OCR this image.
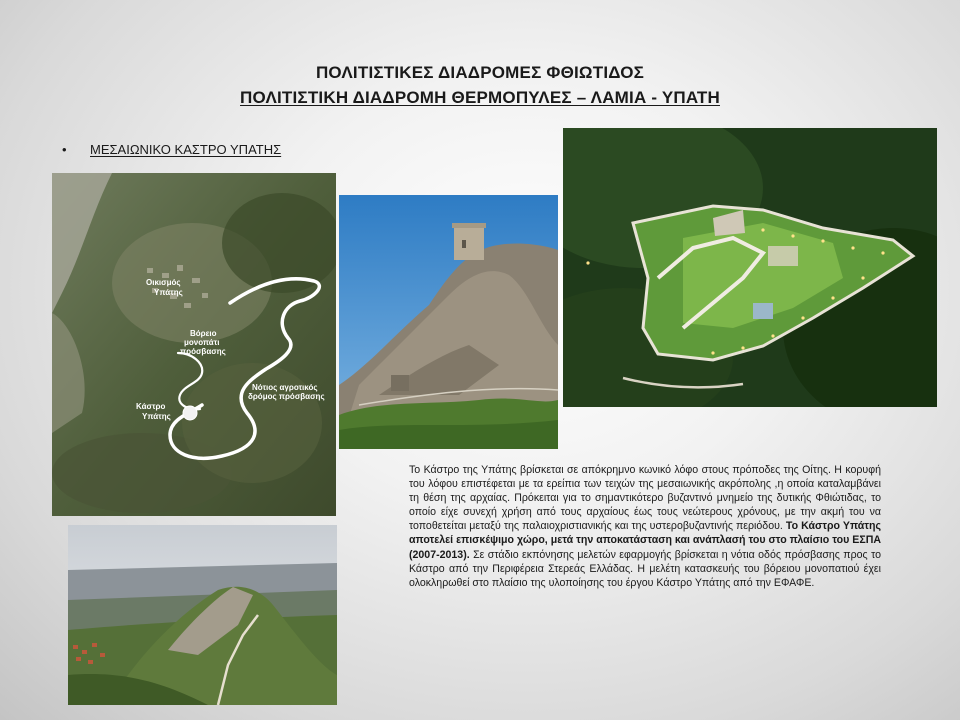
ΠΟΛΙΤΙΣΤΙΚΕΣ ΔΙΑΔΡΟΜΕΣ ΦΘΙΩΤΙΔΟΣ
ΠΟΛΙΤΙΣΤΙΚΗ ΔΙΑΔΡΟΜΗ ΘΕΡΜΟΠΥΛΕΣ – ΛΑΜΙΑ - ΥΠΑΤΗ
• ΜΕΣΑΙΩΝΙΚΟ ΚΑΣΤΡΟ ΥΠΑΤΗΣ
Οικισμός
Υπάτης
Βόρειο
μονοπάτι
πρόσβασης
Κάστρο
Υπάτης
Νότιος αγροτικός
δρόμος πρόσβασης
Το Κάστρο της Υπάτης βρίσκεται σε απόκρημνο κωνικό λόφο στους πρόποδες της Οίτης. Η κορυφή του λόφου επιστέφεται με τα ερείπια των τειχών της μεσαιωνικής ακρόπολης ,η οποία καταλαμβάνει τη θέση της αρχαίας. Πρόκειται για το σημαντικότερο βυζαντινό μνημείο της δυτικής Φθιώτιδας, το οποίο είχε συνεχή χρήση από τους αρχαίους έως τους νεώτερους χρόνους, με την ακμή του να τοποθετείται μεταξύ της παλαιοχριστιανικής και της υστεροβυζαντινής περιόδου. Το Κάστρο Υπάτης αποτελεί επισκέψιμο χώρο, μετά την αποκατάσταση και ανάπλασή του στο πλαίσιο του ΕΣΠΑ (2007-2013). Σε στάδιο εκπόνησης μελετών εφαρμογής βρίσκεται η νότια οδός πρόσβασης προς το Κάστρο από την Περιφέρεια Στερεάς Ελλάδας. Η μελέτη κατασκευής του βόρειου μονοπατιού έχει ολοκληρωθεί στο πλαίσιο της υλοποίησης του έργου Κάστρο Υπάτης από την ΕΦΑΦΕ.
